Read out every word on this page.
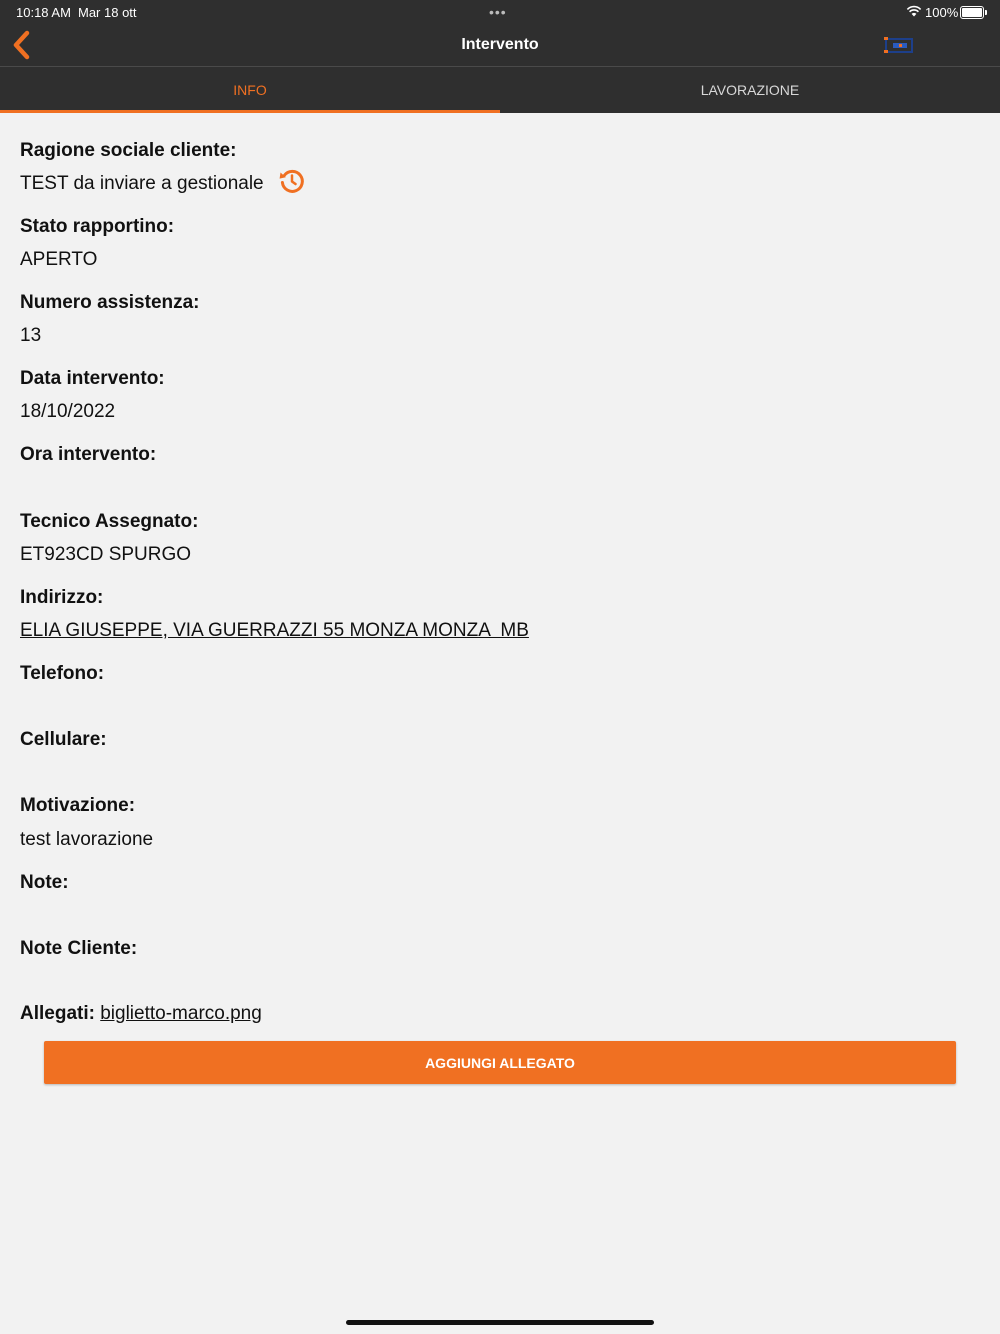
10:18 AM Mar 18 ott	•••	100%
Intervento
INFO	LAVORAZIONE
Ragione sociale cliente:
TEST da inviare a gestionale
Stato rapportino:
APERTO
Numero assistenza:
13
Data intervento:
18/10/2022
Ora intervento:
Tecnico Assegnato:
ET923CD SPURGO
Indirizzo:
ELIA GIUSEPPE, VIA GUERRAZZI 55 MONZA MONZA  MB
Telefono:
Cellulare:
Motivazione:
test lavorazione
Note:
Note Cliente:
Allegati: biglietto-marco.png
AGGIUNGI ALLEGATO
